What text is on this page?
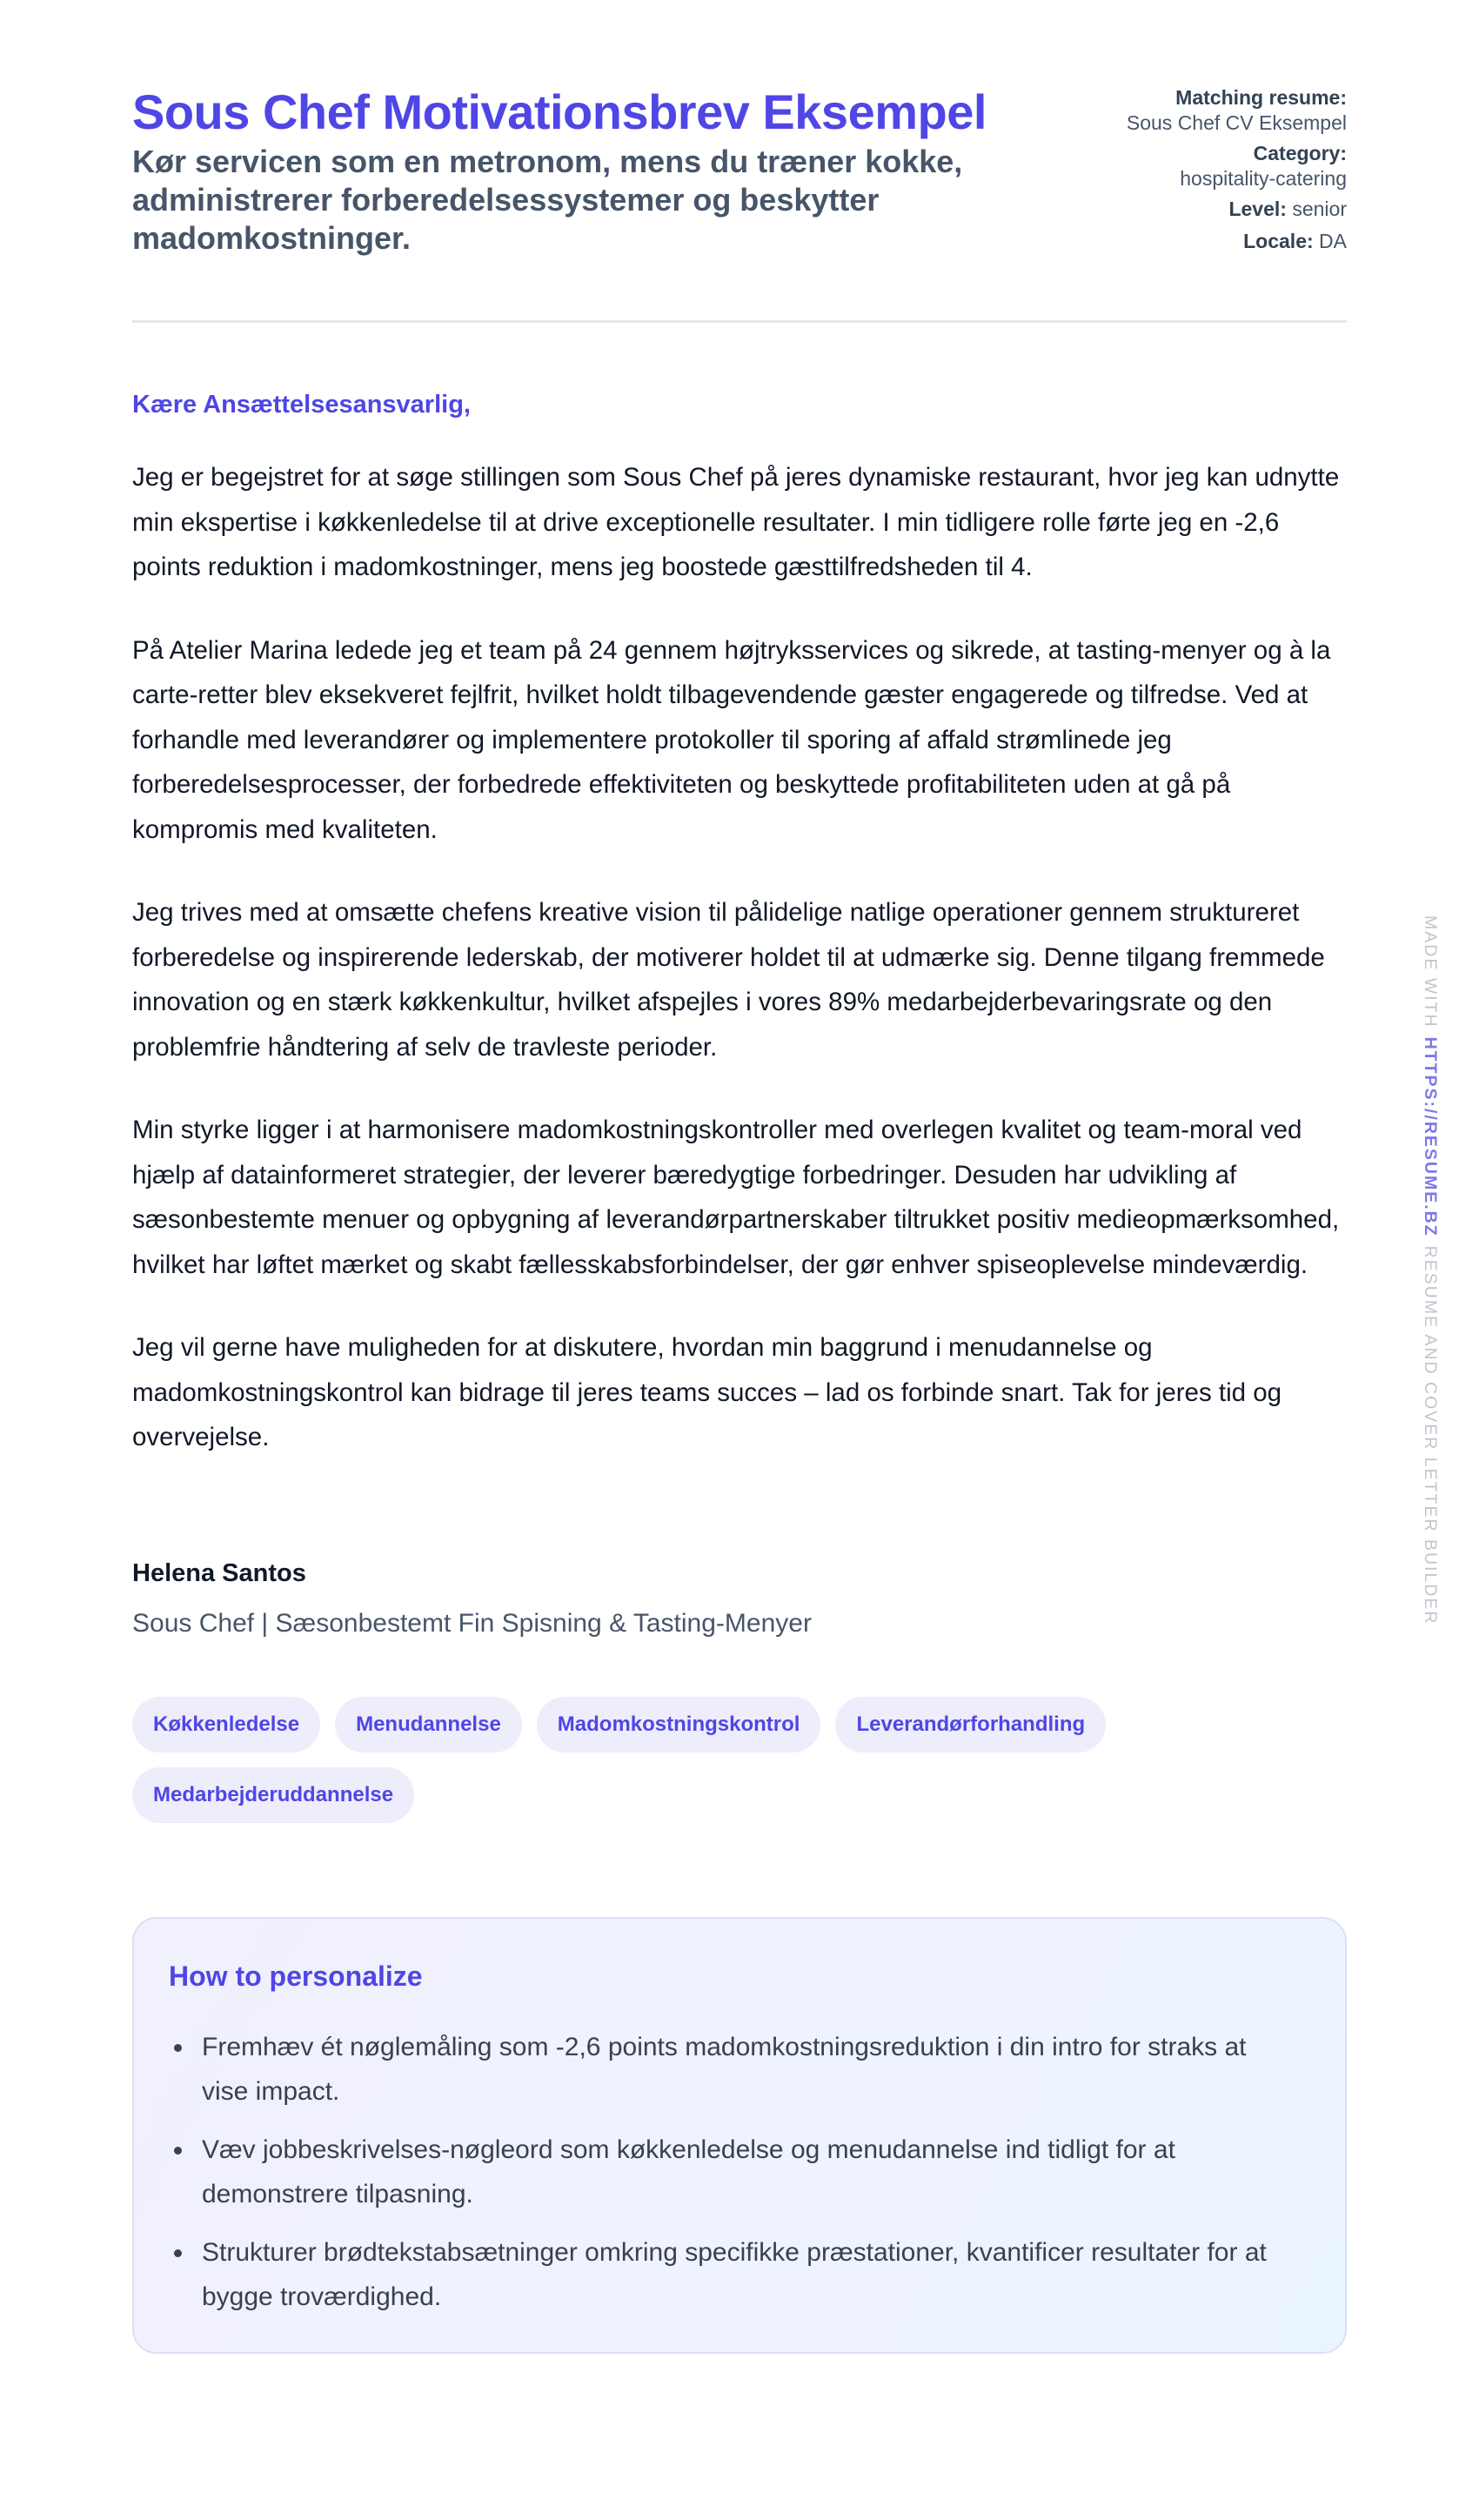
Sous Chef Motivationsbrev Eksempel
Kør servicen som en metronom, mens du træner kokke, administrerer forberedelsessystemer og beskytter madomkostninger.
Matching resume:
Sous Chef CV Eksempel
Category:
hospitality-catering
Level: senior
Locale: DA

Kære Ansættelsesansvarlig,

Jeg er begejstret for at søge stillingen som Sous Chef på jeres dynamiske restaurant, hvor jeg kan udnytte min ekspertise i køkkenledelse til at drive exceptionelle resultater. I min tidligere rolle førte jeg en -2,6 points reduktion i madomkostninger, mens jeg boostede gæsttilfredsheden til 4.

På Atelier Marina ledede jeg et team på 24 gennem højtryksservices og sikrede, at tasting-menyer og à la carte-retter blev eksekveret fejlfrit, hvilket holdt tilbagevendende gæster engagerede og tilfredse. Ved at forhandle med leverandører og implementere protokoller til sporing af affald strømlinede jeg forberedelsesprocesser, der forbedrede effektiviteten og beskyttede profitabiliteten uden at gå på kompromis med kvaliteten.

Jeg trives med at omsætte chefens kreative vision til pålidelige natlige operationer gennem struktureret forberedelse og inspirerende lederskab, der motiverer holdet til at udmærke sig. Denne tilgang fremmede innovation og en stærk køkkenkultur, hvilket afspejles i vores 89% medarbejderbevaringsrate og den problemfrie håndtering af selv de travleste perioder.

Min styrke ligger i at harmonisere madomkostningskontroller med overlegen kvalitet og team-moral ved hjælp af datainformeret strategier, der leverer bæredygtige forbedringer. Desuden har udvikling af sæsonbestemte menuer og opbygning af leverandørpartnerskaber tiltrukket positiv medieopmærksomhed, hvilket har løftet mærket og skabt fællesskabsforbindelser, der gør enhver spiseoplevelse mindeværdig.

Jeg vil gerne have muligheden for at diskutere, hvordan min baggrund i menudannelse og madomkostningskontrol kan bidrage til jeres teams succes – lad os forbinde snart. Tak for jeres tid og overvejelse.

Helena Santos
Sous Chef | Sæsonbestemt Fin Spisning & Tasting-Menyer
Køkkenledelse	Menudannelse	Madomkostningskontrol	Leverandørforhandling
Medarbejderuddannelse
How to personalize
Fremhæv ét nøglemåling som -2,6 points madomkostningsreduktion i din intro for straks at vise impact.
Væv jobbeskrivelses-nøgleord som køkkenledelse og menudannelse ind tidligt for at demonstrere tilpasning.
Strukturer brødtekstabsætninger omkring specifikke præstationer, kvantificer resultater for at bygge troværdighed.
MADE WITHHTTPS://RESUME.BZRESUME AND COVER LETTER BUILDER
